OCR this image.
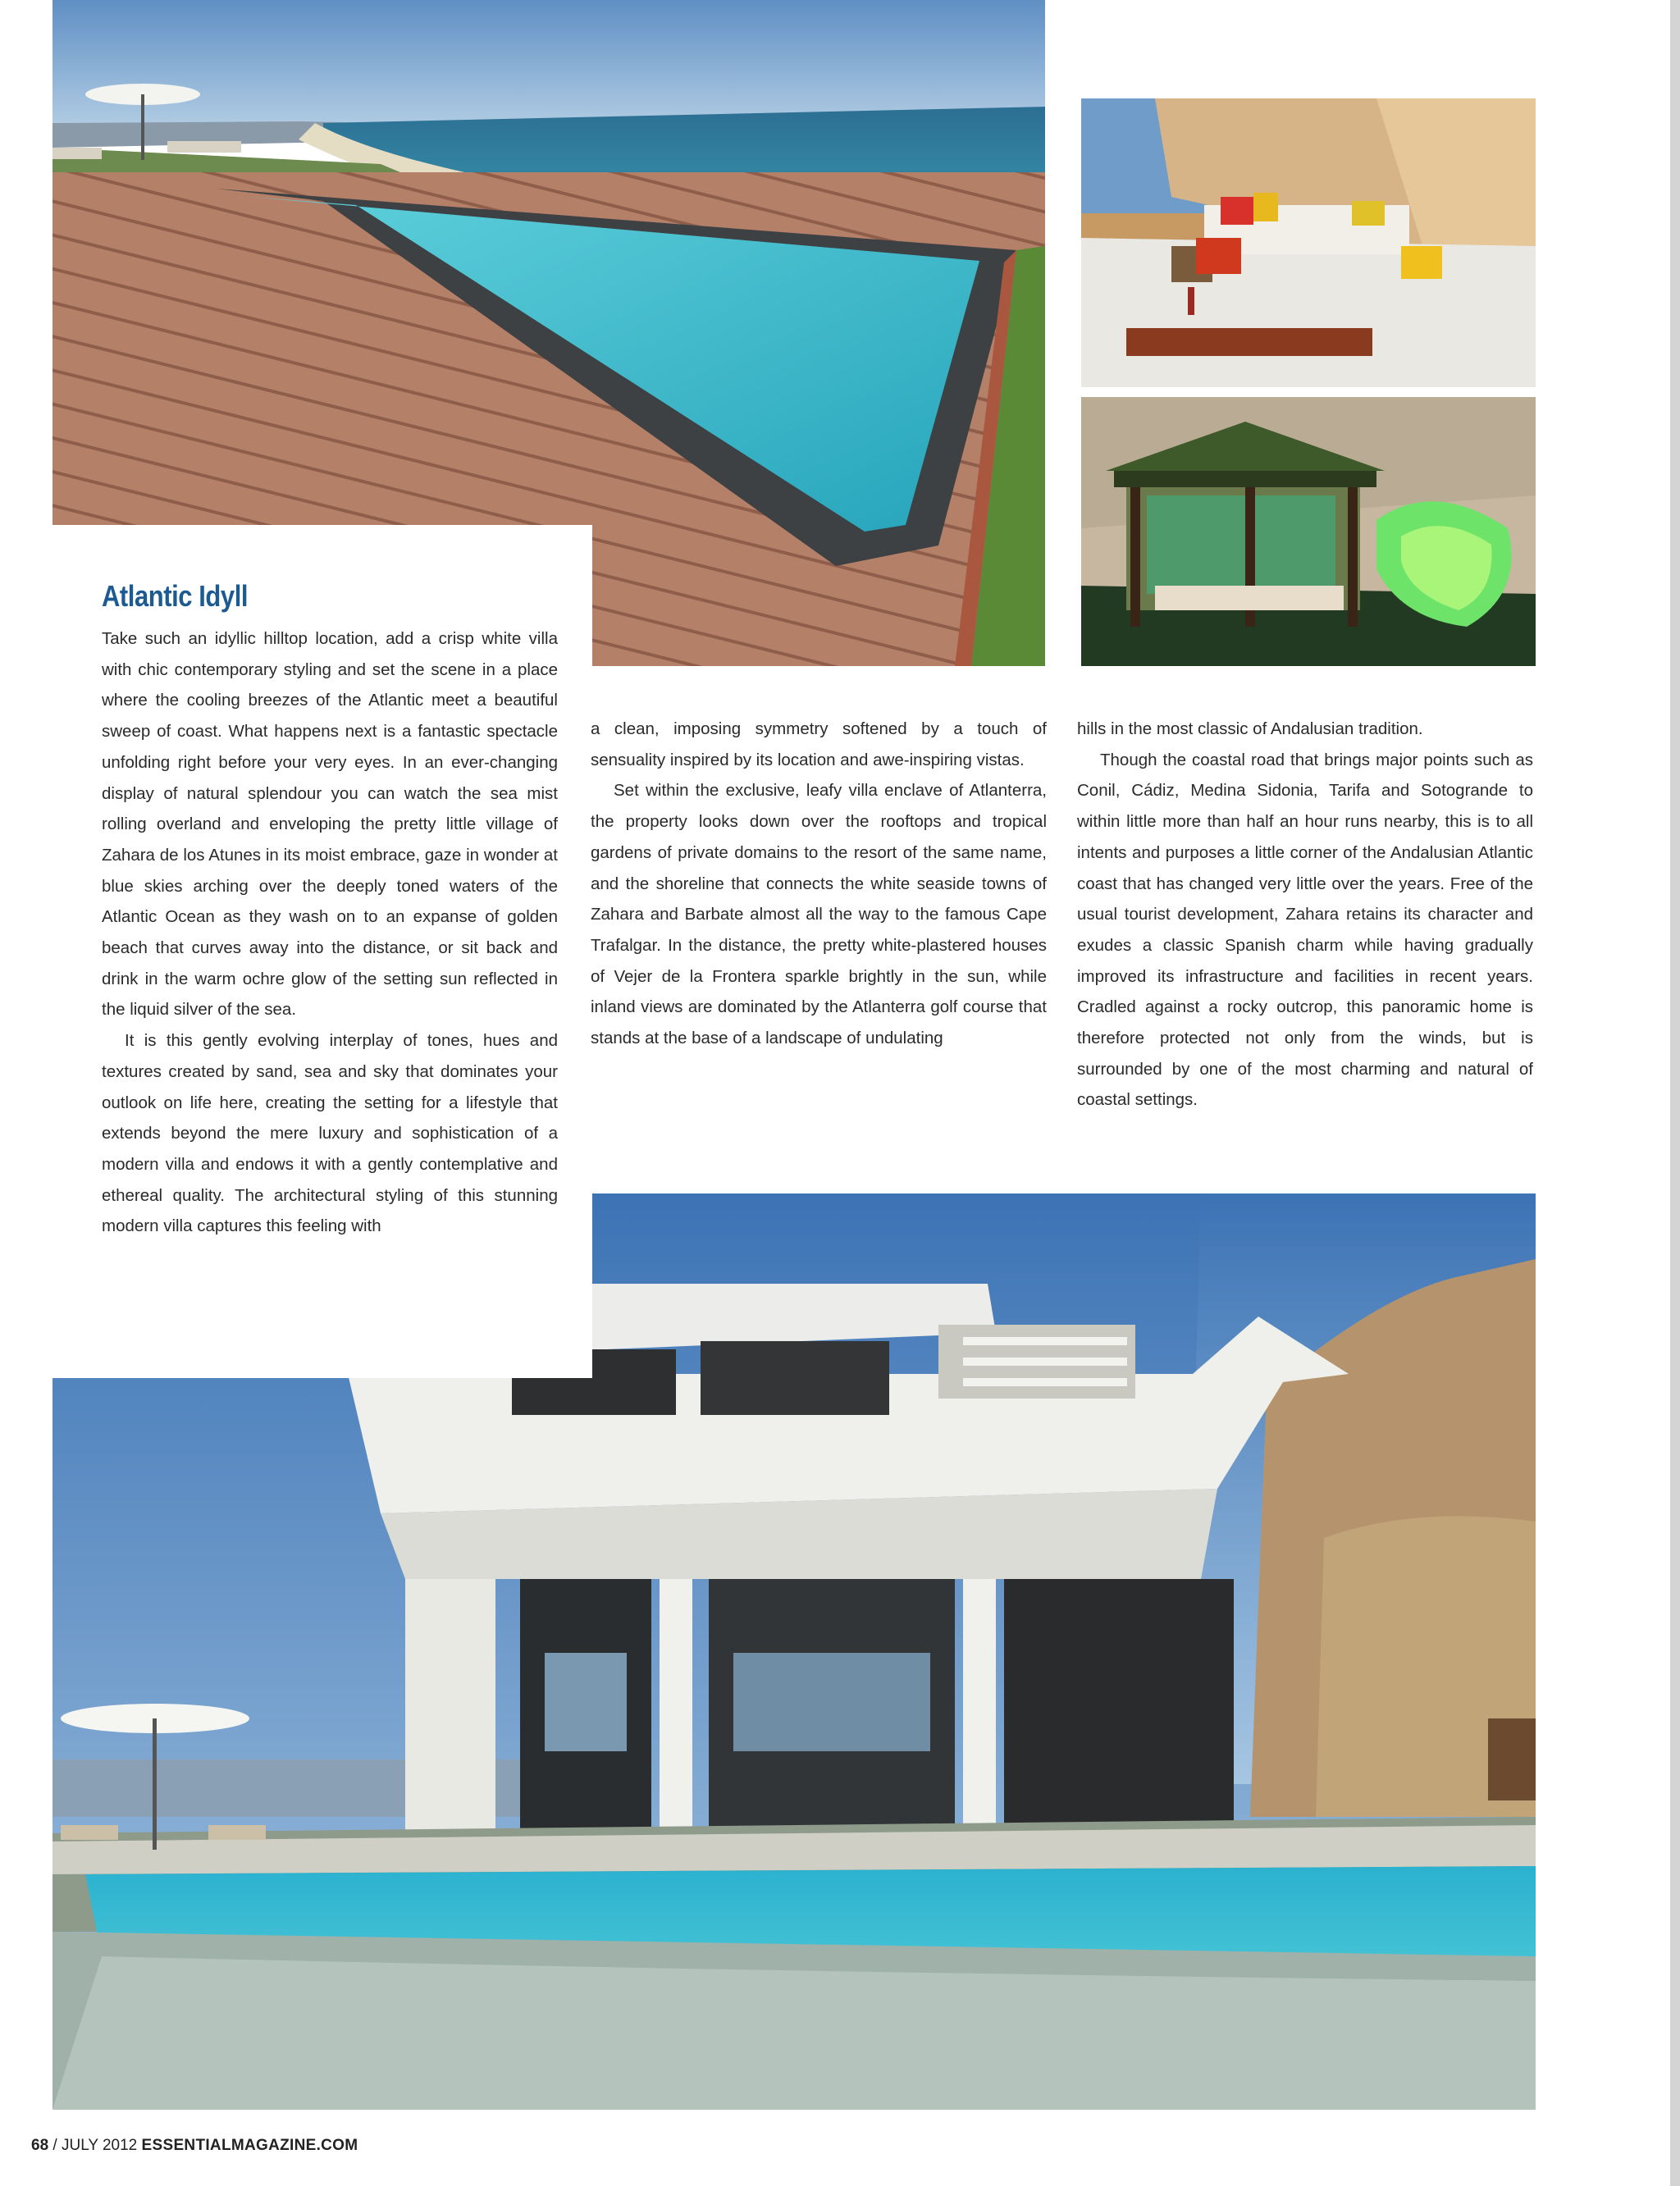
Atlantic Idyll

Take such an idyllic hilltop location, add a crisp white villa with chic contemporary styling and set the scene in a place where the cooling breezes of the Atlantic meet a beautiful sweep of coast. What happens next is a fantastic spectacle unfolding right before your very eyes. In an ever-changing display of natural splendour you can watch the sea mist rolling overland and enveloping the pretty little village of Zahara de los Atunes in its moist embrace, gaze in wonder at blue skies arching over the deeply toned waters of the Atlantic Ocean as they wash on to an expanse of golden beach that curves away into the distance, or sit back and drink in the warm ochre glow of the setting sun reflected in the liquid silver of the sea.

It is this gently evolving interplay of tones, hues and textures created by sand, sea and sky that dominates your outlook on life here, creating the setting for a lifestyle that extends beyond the mere luxury and sophistication of a modern villa and endows it with a gently contemplative and ethereal quality. The architectural styling of this stunning modern villa captures this feeling with

a clean, imposing symmetry softened by a touch of sensuality inspired by its location and awe-inspiring vistas.

Set within the exclusive, leafy villa enclave of Atlanterra, the property looks down over the rooftops and tropical gardens of private domains to the resort of the same name, and the shoreline that connects the white seaside towns of Zahara and Barbate almost all the way to the famous Cape Trafalgar. In the distance, the pretty white-plastered houses of Vejer de la Frontera sparkle brightly in the sun, while inland views are dominated by the Atlanterra golf course that stands at the base of a landscape of undulating

hills in the most classic of Andalusian tradition.

Though the coastal road that brings major points such as Conil, Cádiz, Medina Sidonia, Tarifa and Sotogrande to within little more than half an hour runs nearby, this is to all intents and purposes a little corner of the Andalusian Atlantic coast that has changed very little over the years. Free of the usual tourist development, Zahara retains its character and exudes a classic Spanish charm while having gradually improved its infrastructure and facilities in recent years. Cradled against a rocky outcrop, this panoramic home is therefore protected not only from the winds, but is surrounded by one of the most charming and natural of coastal settings.

68 / JULY 2012 ESSENTIALMAGAZINE.COM
